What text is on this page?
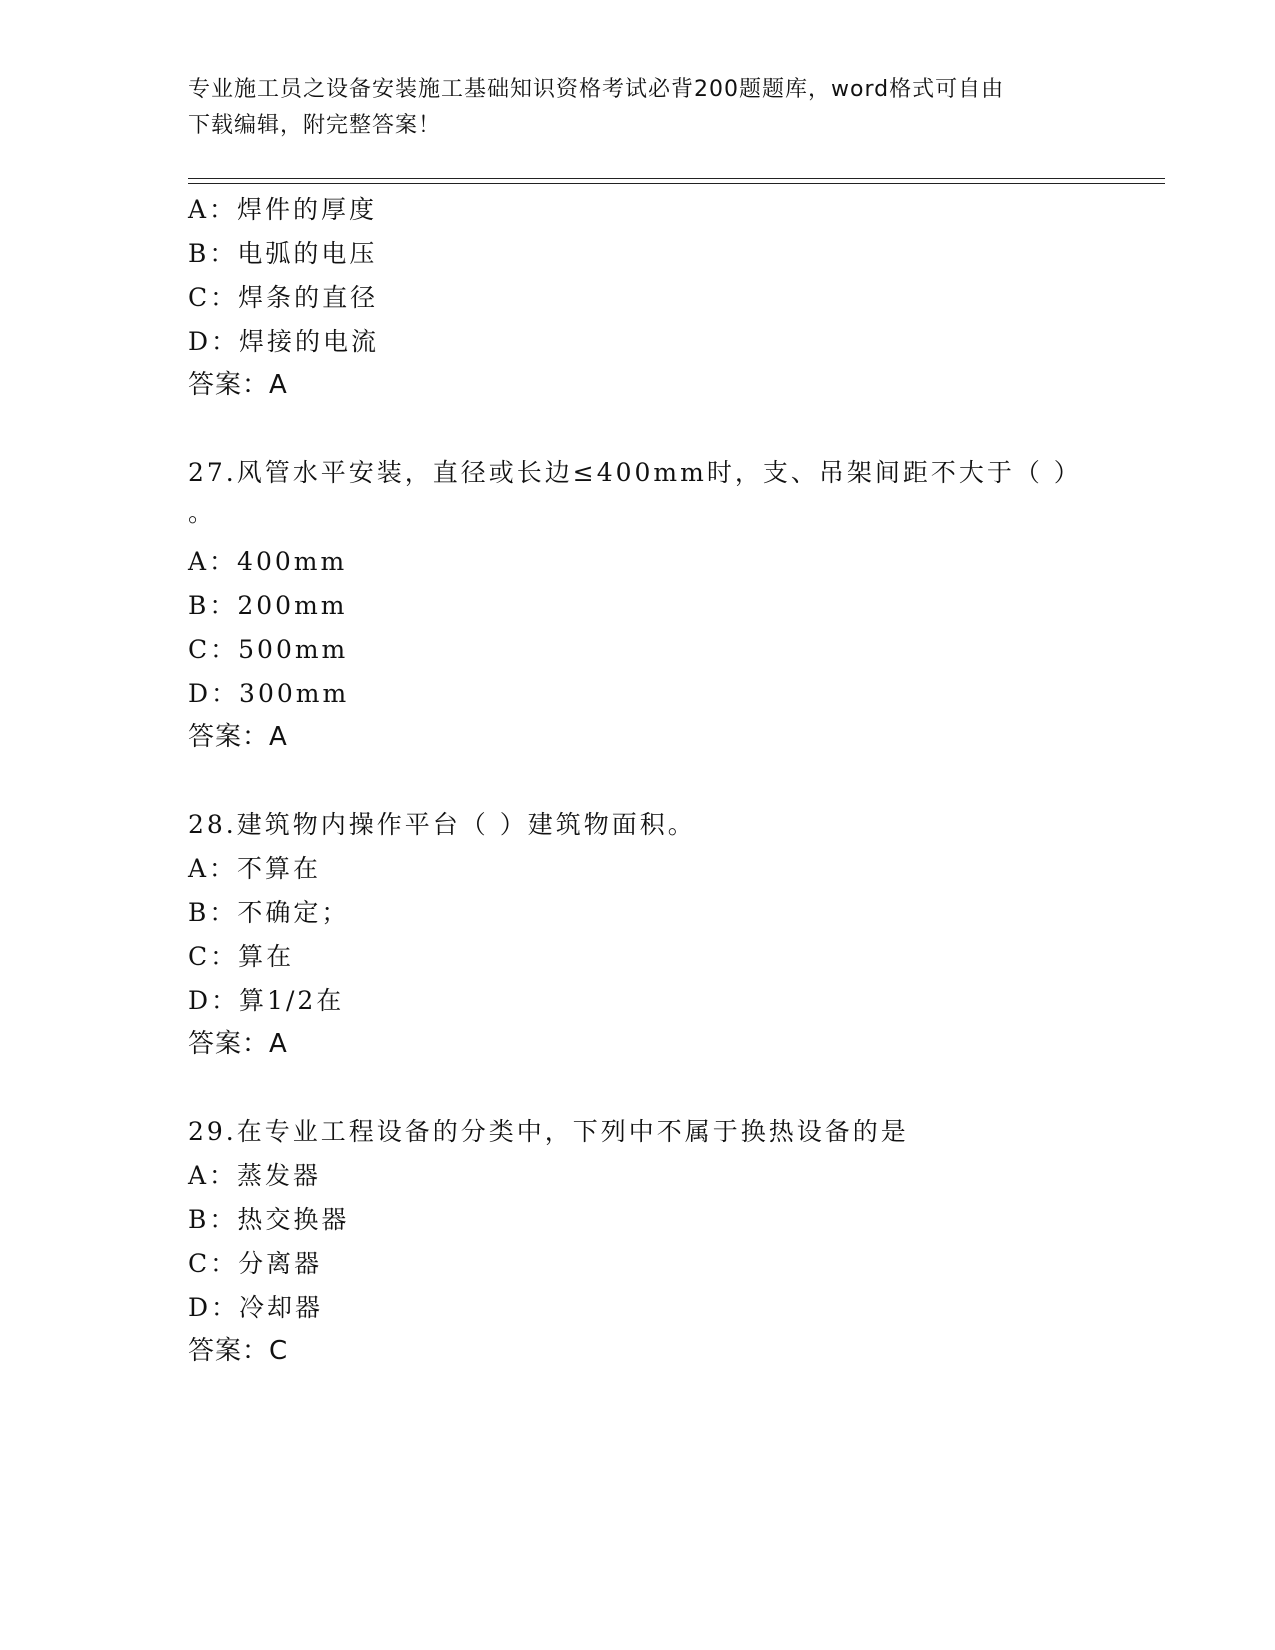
专业施工员之设备安装施工基础知识资格考试必背200题题库，word格式可自由
下载编辑，附完整答案！
A：焊件的厚度
B：电弧的电压
C：焊条的直径
D：焊接的电流
答案：A
27.风管水平安装，直径或长边≤400mm时，支、吊架间距不大于（ ）
。
A：400mm
B：200mm
C：500mm
D：300mm
答案：A
28.建筑物内操作平台（ ）建筑物面积。
A：不算在
B：不确定；
C：算在
D：算1/2在
答案：A
29.在专业工程设备的分类中，下列中不属于换热设备的是
A：蒸发器
B：热交换器
C：分离器
D：冷却器
答案：C
